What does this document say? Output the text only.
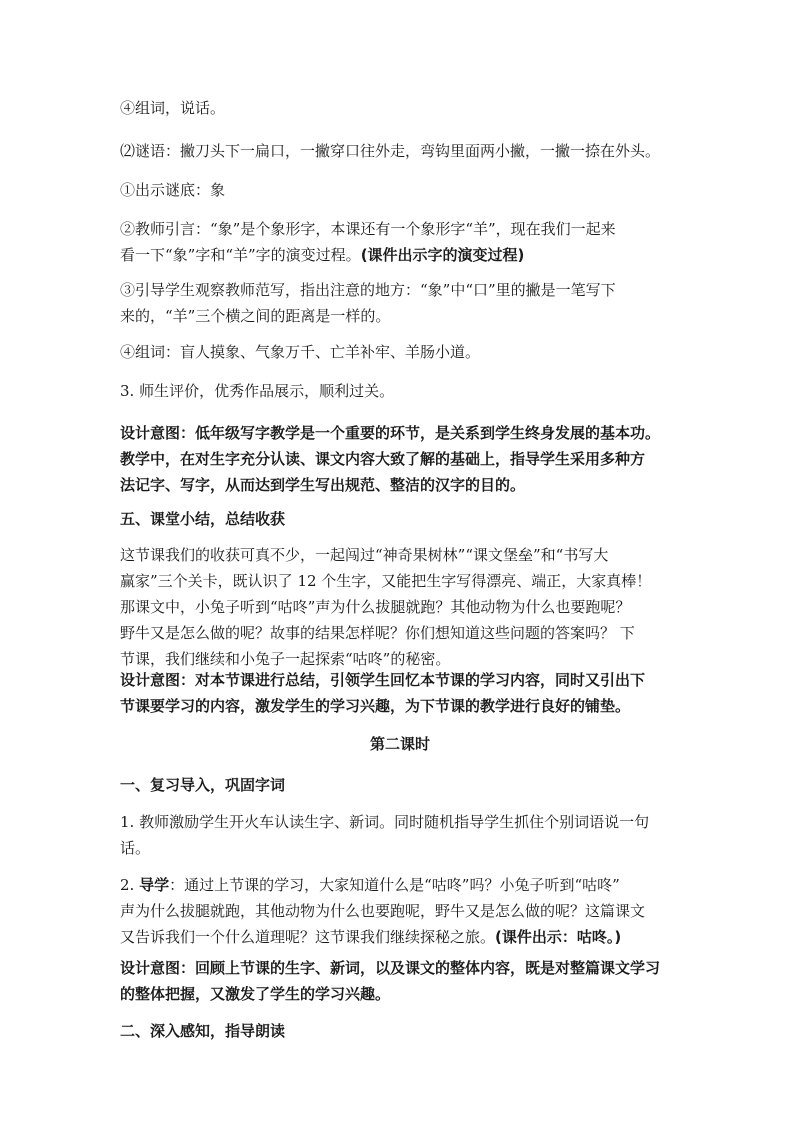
④组词，说话。

⑵谜语：撇刀头下一扁口，一撇穿口往外走，弯钩里面两小撇，一撇一捺在外头。

①出示谜底：象

②教师引言：“象”是个象形字，本课还有一个象形字“羊”，现在我们一起来
看一下“象”字和“羊”字的演变过程。(课件出示字的演变过程)

③引导学生观察教师范写，指出注意的地方：“象”中“口”里的撇是一笔写下
来的，“羊”三个横之间的距离是一样的。

④组词：盲人摸象、气象万千、亡羊补牢、羊肠小道。

3. 师生评价，优秀作品展示，顺利过关。

设计意图：低年级写字教学是一个重要的环节，是关系到学生终身发展的基本功。
教学中，在对生字充分认读、课文内容大致了解的基础上，指导学生采用多种方
法记字、写字，从而达到学生写出规范、整洁的汉字的目的。

五、课堂小结，总结收获

这节课我们的收获可真不少，一起闯过“神奇果树林”“课文堡垒”和“书写大
赢家”三个关卡，既认识了 12 个生字，又能把生字写得漂亮、端正，大家真棒！
那课文中，小兔子听到“咕咚”声为什么拔腿就跑？其他动物为什么也要跑呢？
野牛又是怎么做的呢？故事的结果怎样呢？你们想知道这些问题的答案吗？ 下
节课，我们继续和小兔子一起探索“咕咚”的秘密。

设计意图：对本节课进行总结，引领学生回忆本节课的学习内容，同时又引出下
节课要学习的内容，激发学生的学习兴趣，为下节课的教学进行良好的铺垫。

第二课时

一、复习导入，巩固字词

1. 教师激励学生开火车认读生字、新词。同时随机指导学生抓住个别词语说一句
话。

2. 导学：通过上节课的学习，大家知道什么是“咕咚”吗？小兔子听到“咕咚”
声为什么拔腿就跑，其他动物为什么也要跑呢，野牛又是怎么做的呢？这篇课文
又告诉我们一个什么道理呢？这节课我们继续探秘之旅。(课件出示：咕咚。)

设计意图：回顾上节课的生字、新词，以及课文的整体内容，既是对整篇课文学习
的整体把握，又激发了学生的学习兴趣。

二、深入感知，指导朗读
